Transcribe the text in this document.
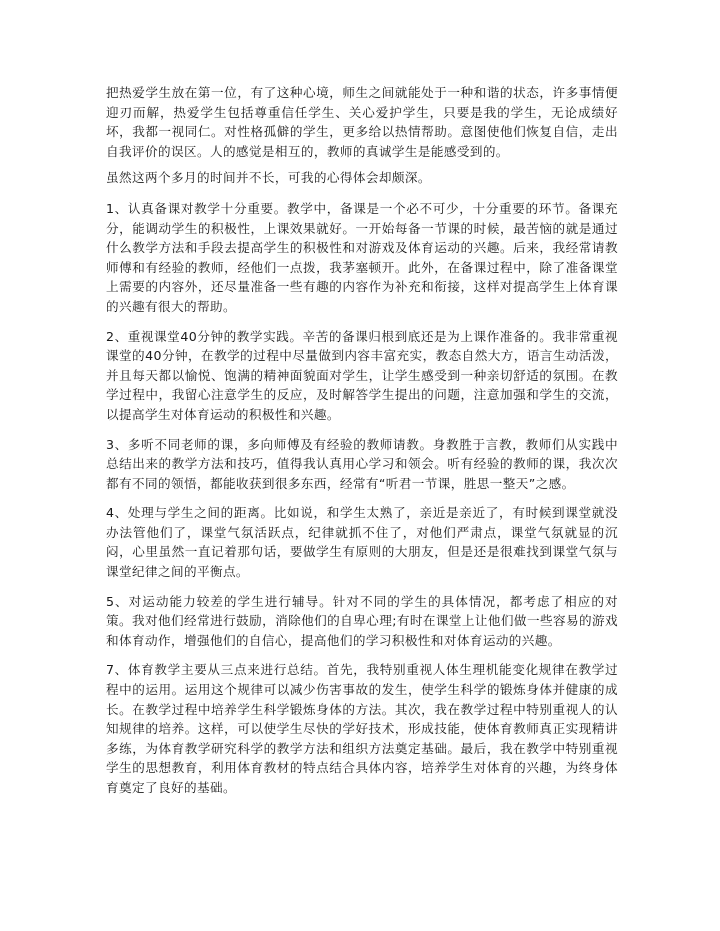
把热爱学生放在第一位，有了这种心境，师生之间就能处于一种和谐的状态，许多事情便迎刃而解，热爱学生包括尊重信任学生、关心爱护学生，只要是我的学生，无论成绩好坏，我都一视同仁。对性格孤僻的学生，更多给以热情帮助。意图使他们恢复自信，走出自我评价的误区。人的感觉是相互的，教师的真诚学生是能感受到的。

虽然这两个多月的时间并不长，可我的心得体会却颇深。

1、认真备课对教学十分重要。教学中，备课是一个必不可少，十分重要的环节。备课充分，能调动学生的积极性，上课效果就好。一开始每备一节课的时候，最苦恼的就是通过什么教学方法和手段去提高学生的积极性和对游戏及体育运动的兴趣。后来，我经常请教师傅和有经验的教师，经他们一点拨，我茅塞顿开。此外，在备课过程中，除了准备课堂上需要的内容外，还尽量准备一些有趣的内容作为补充和衔接，这样对提高学生上体育课的兴趣有很大的帮助。

2、重视课堂40分钟的教学实践。辛苦的备课归根到底还是为上课作准备的。我非常重视课堂的40分钟，在教学的过程中尽量做到内容丰富充实，教态自然大方，语言生动活泼，并且每天都以愉悦、饱满的精神面貌面对学生，让学生感受到一种亲切舒适的氛围。在教学过程中，我留心注意学生的反应，及时解答学生提出的问题，注意加强和学生的交流，以提高学生对体育运动的积极性和兴趣。

3、多听不同老师的课，多向师傅及有经验的教师请教。身教胜于言教，教师们从实践中总结出来的教学方法和技巧，值得我认真用心学习和领会。听有经验的教师的课，我次次都有不同的领悟，都能收获到很多东西，经常有“听君一节课，胜思一整天”之感。

4、处理与学生之间的距离。比如说，和学生太熟了，亲近是亲近了，有时候到课堂就没办法管他们了，课堂气氛活跃点，纪律就抓不住了，对他们严肃点，课堂气氛就显的沉闷，心里虽然一直记着那句话，要做学生有原则的大朋友，但是还是很难找到课堂气氛与课堂纪律之间的平衡点。

5、对运动能力较差的学生进行辅导。针对不同的学生的具体情况，都考虑了相应的对策。我对他们经常进行鼓励，消除他们的自卑心理;有时在课堂上让他们做一些容易的游戏和体育动作，增强他们的自信心，提高他们的学习积极性和对体育运动的兴趣。

7、体育教学主要从三点来进行总结。首先，我特别重视人体生理机能变化规律在教学过程中的运用。运用这个规律可以减少伤害事故的发生，使学生科学的锻炼身体并健康的成长。在教学过程中培养学生科学锻炼身体的方法。其次，我在教学过程中特别重视人的认知规律的培养。这样，可以使学生尽快的学好技术，形成技能，使体育教师真正实现精讲多练，为体育教学研究科学的教学方法和组织方法奠定基础。最后，我在教学中特别重视学生的思想教育，利用体育教材的特点结合具体内容，培养学生对体育的兴趣，为终身体育奠定了良好的基础。
